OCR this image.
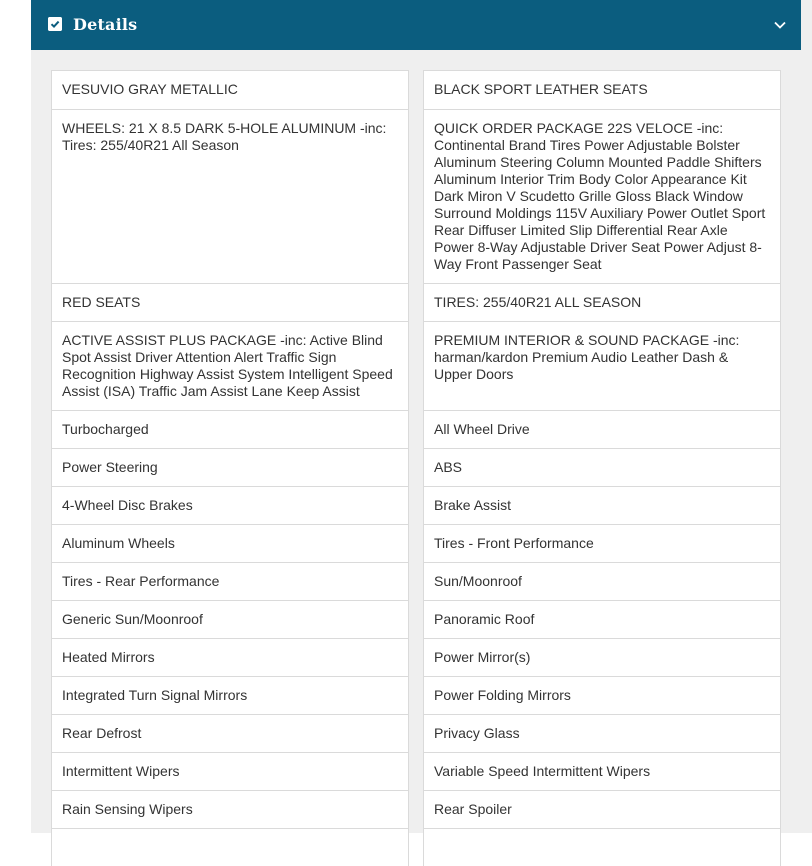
Details
VESUVIO GRAY METALLIC
WHEELS: 21 X 8.5 DARK 5-HOLE ALUMINUM -inc: Tires: 255/40R21 All Season
RED SEATS
ACTIVE ASSIST PLUS PACKAGE -inc: Active Blind Spot Assist Driver Attention Alert Traffic Sign Recognition Highway Assist System Intelligent Speed Assist (ISA) Traffic Jam Assist Lane Keep Assist
Turbocharged
Power Steering
4-Wheel Disc Brakes
Aluminum Wheels
Tires - Rear Performance
Generic Sun/Moonroof
Heated Mirrors
Integrated Turn Signal Mirrors
Rear Defrost
Intermittent Wipers
Rain Sensing Wipers
BLACK SPORT LEATHER SEATS
QUICK ORDER PACKAGE 22S VELOCE -inc: Continental Brand Tires Power Adjustable Bolster Aluminum Steering Column Mounted Paddle Shifters Aluminum Interior Trim Body Color Appearance Kit Dark Miron V Scudetto Grille Gloss Black Window Surround Moldings 115V Auxiliary Power Outlet Sport Rear Diffuser Limited Slip Differential Rear Axle Power 8-Way Adjustable Driver Seat Power Adjust 8-Way Front Passenger Seat
TIRES: 255/40R21 ALL SEASON
PREMIUM INTERIOR & SOUND PACKAGE -inc: harman/kardon Premium Audio Leather Dash & Upper Doors
All Wheel Drive
ABS
Brake Assist
Tires - Front Performance
Sun/Moonroof
Panoramic Roof
Power Mirror(s)
Power Folding Mirrors
Privacy Glass
Variable Speed Intermittent Wipers
Rear Spoiler
